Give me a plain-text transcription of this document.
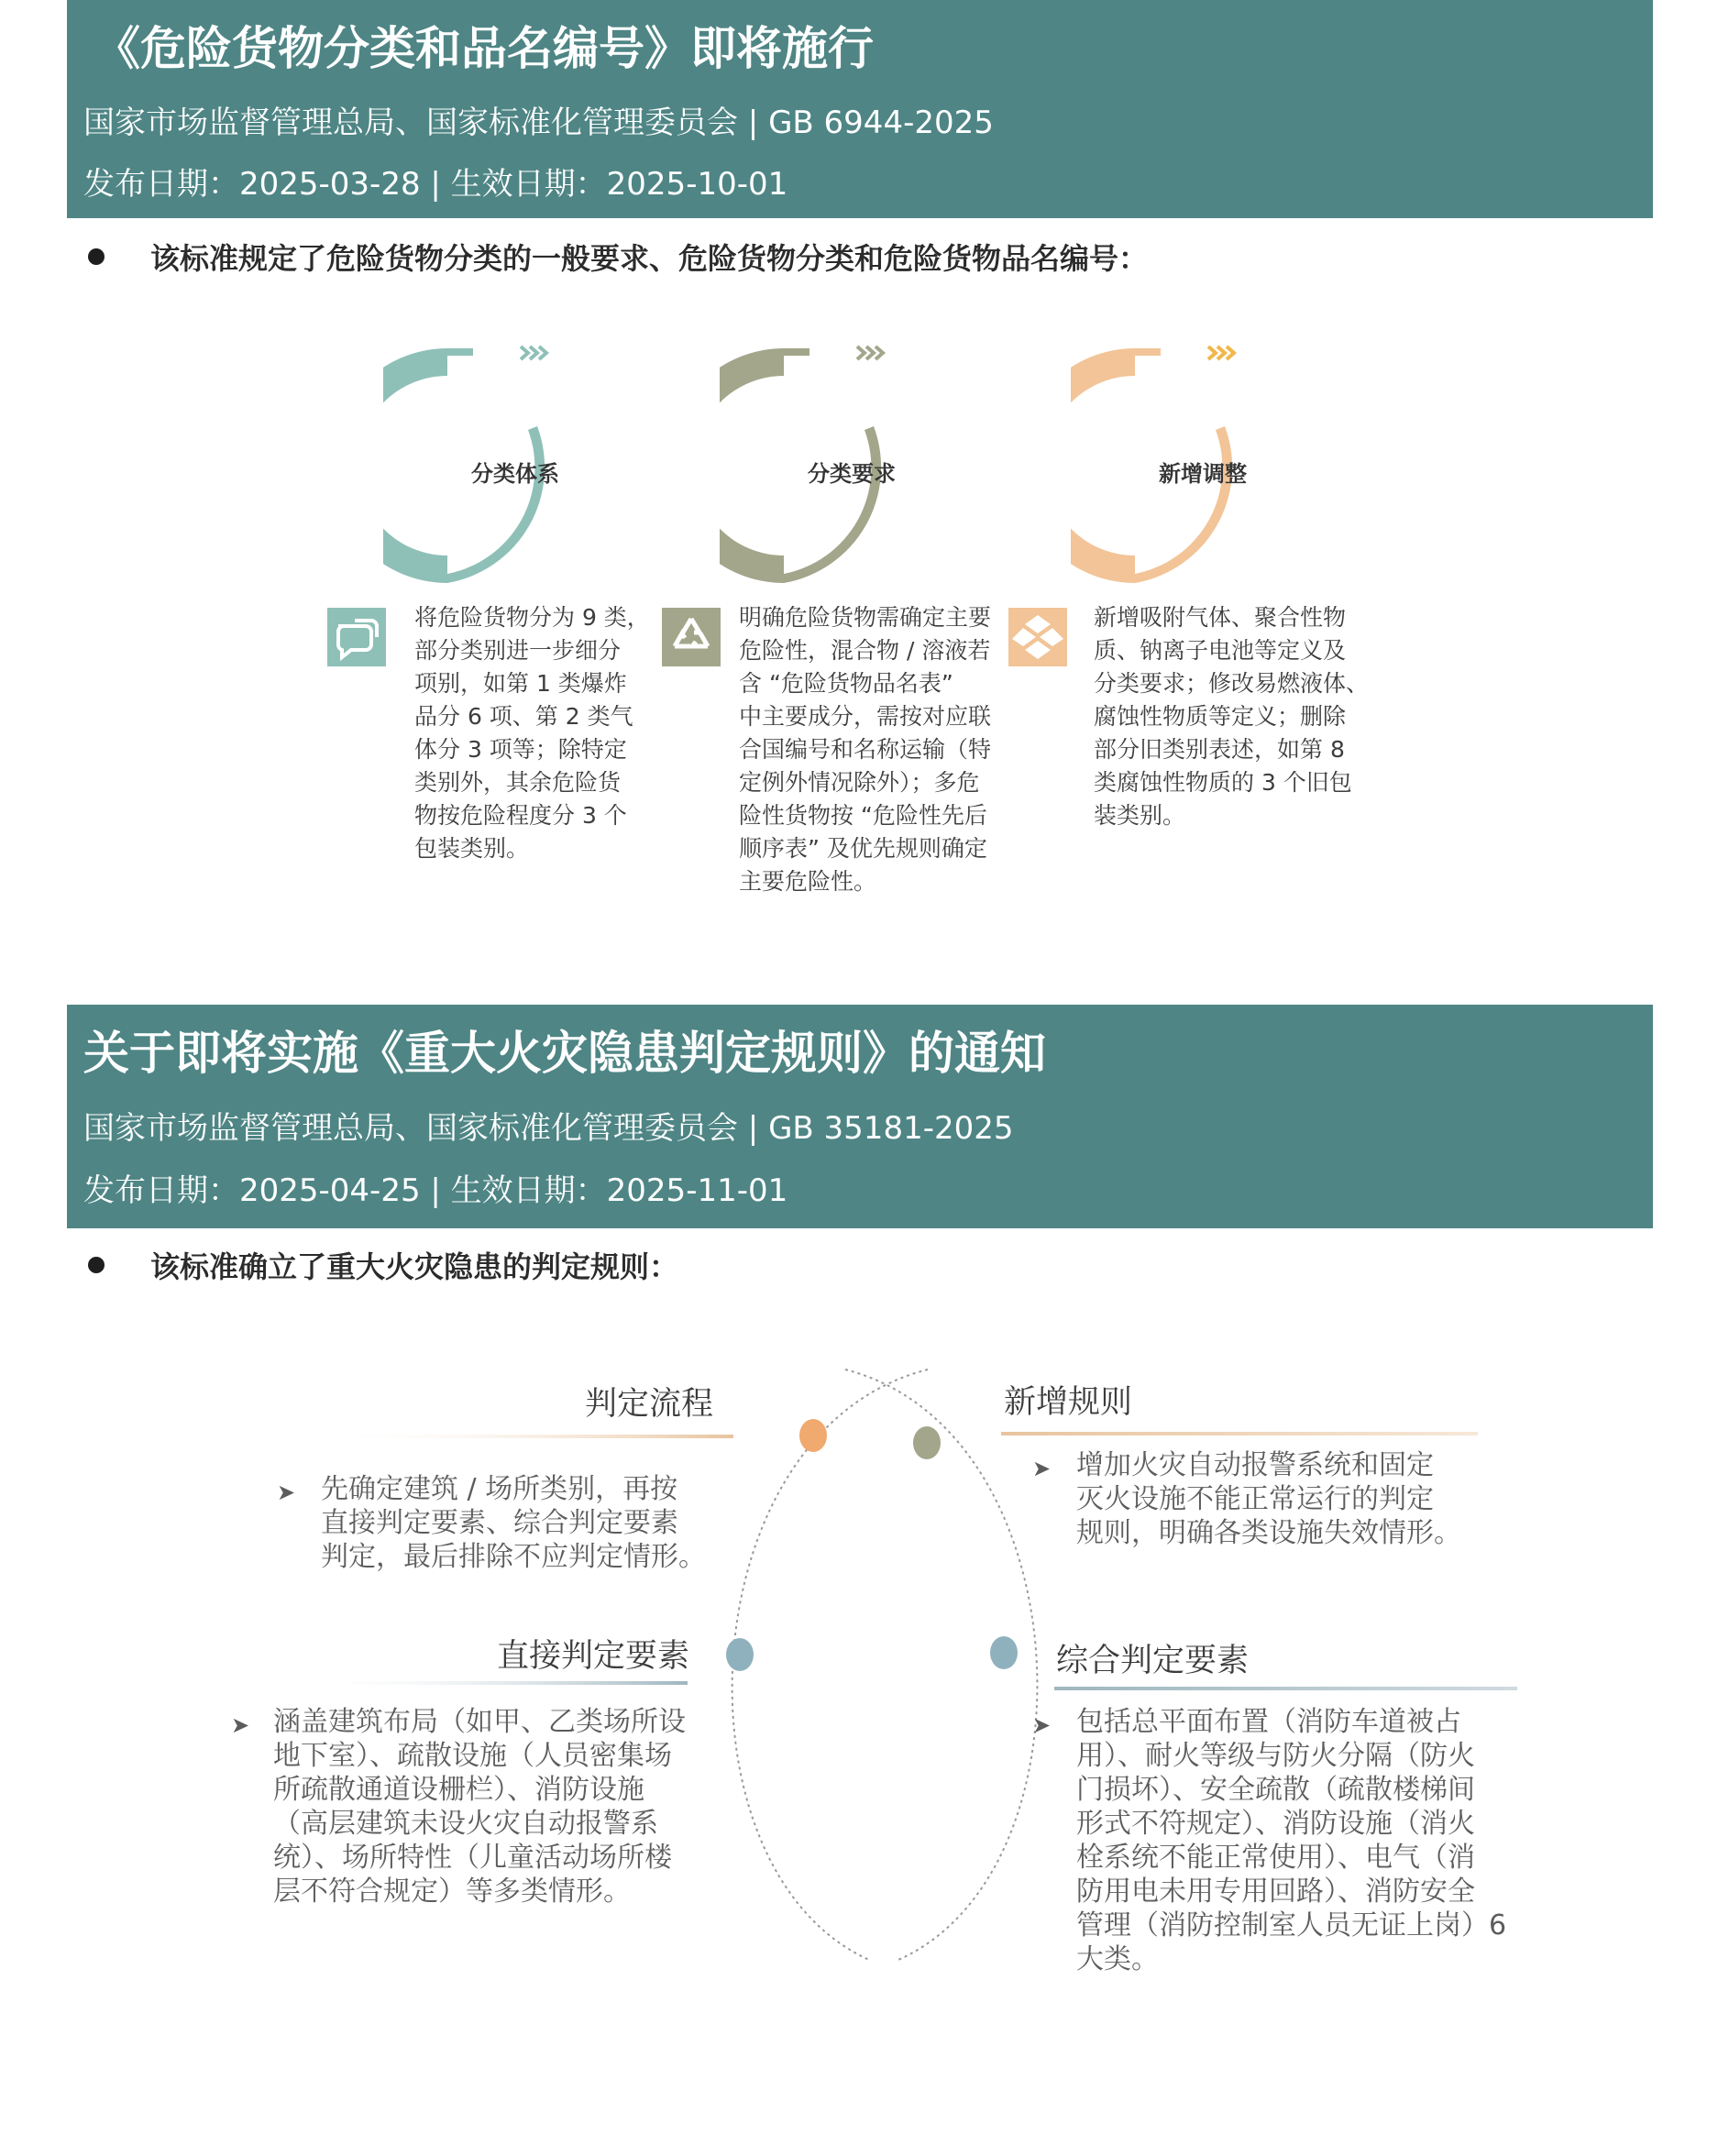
《危险货物分类和品名编号》即将施行
国家市场监督管理总局、国家标准化管理委员会 | GB 6944-2025
发布日期：2025-03-28 | 生效日期：2025-10-01
该标准规定了危险货物分类的一般要求、危险货物分类和危险货物品名编号：
01	分类体系	01	分类要求	01	新增调整
将危险货物分为 9 类，
部分类别进一步细分
项别，如第 1 类爆炸
品分 6 项、第 2 类气
体分 3 项等；除特定
类别外，其余危险货
物按危险程度分 3 个
包装类别。
明确危险货物需确定主要
危险性，混合物 / 溶液若
含 “危险货物品名表”
中主要成分，需按对应联
合国编号和名称运输（特
定例外情况除外）；多危
险性货物按 “危险性先后
顺序表” 及优先规则确定
主要危险性。
新增吸附气体、聚合性物
质、钠离子电池等定义及
分类要求；修改易燃液体、
腐蚀性物质等定义；删除
部分旧类别表述，如第 8
类腐蚀性物质的 3 个旧包
装类别。
关于即将实施《重大火灾隐患判定规则》的通知
国家市场监督管理总局、国家标准化管理委员会 | GB 35181-2025
发布日期：2025-04-25 | 生效日期：2025-11-01
该标准确立了重大火灾隐患的判定规则：
判定流程
➤ 先确定建筑 / 场所类别，再按
直接判定要素、综合判定要素
判定，最后排除不应判定情形。
新增规则
➤ 增加火灾自动报警系统和固定
灭火设施不能正常运行的判定
规则，明确各类设施失效情形。
直接判定要素
➤ 涵盖建筑布局（如甲、乙类场所设
地下室）、疏散设施（人员密集场
所疏散通道设栅栏）、消防设施
（高层建筑未设火灾自动报警系
统）、场所特性（儿童活动场所楼
层不符合规定）等多类情形。
综合判定要素
➤ 包括总平面布置（消防车道被占
用）、耐火等级与防火分隔（防火
门损坏）、安全疏散（疏散楼梯间
形式不符规定）、消防设施（消火
栓系统不能正常使用）、电气（消
防用电未用专用回路）、消防安全
管理（消防控制室人员无证上岗）6
大类。
